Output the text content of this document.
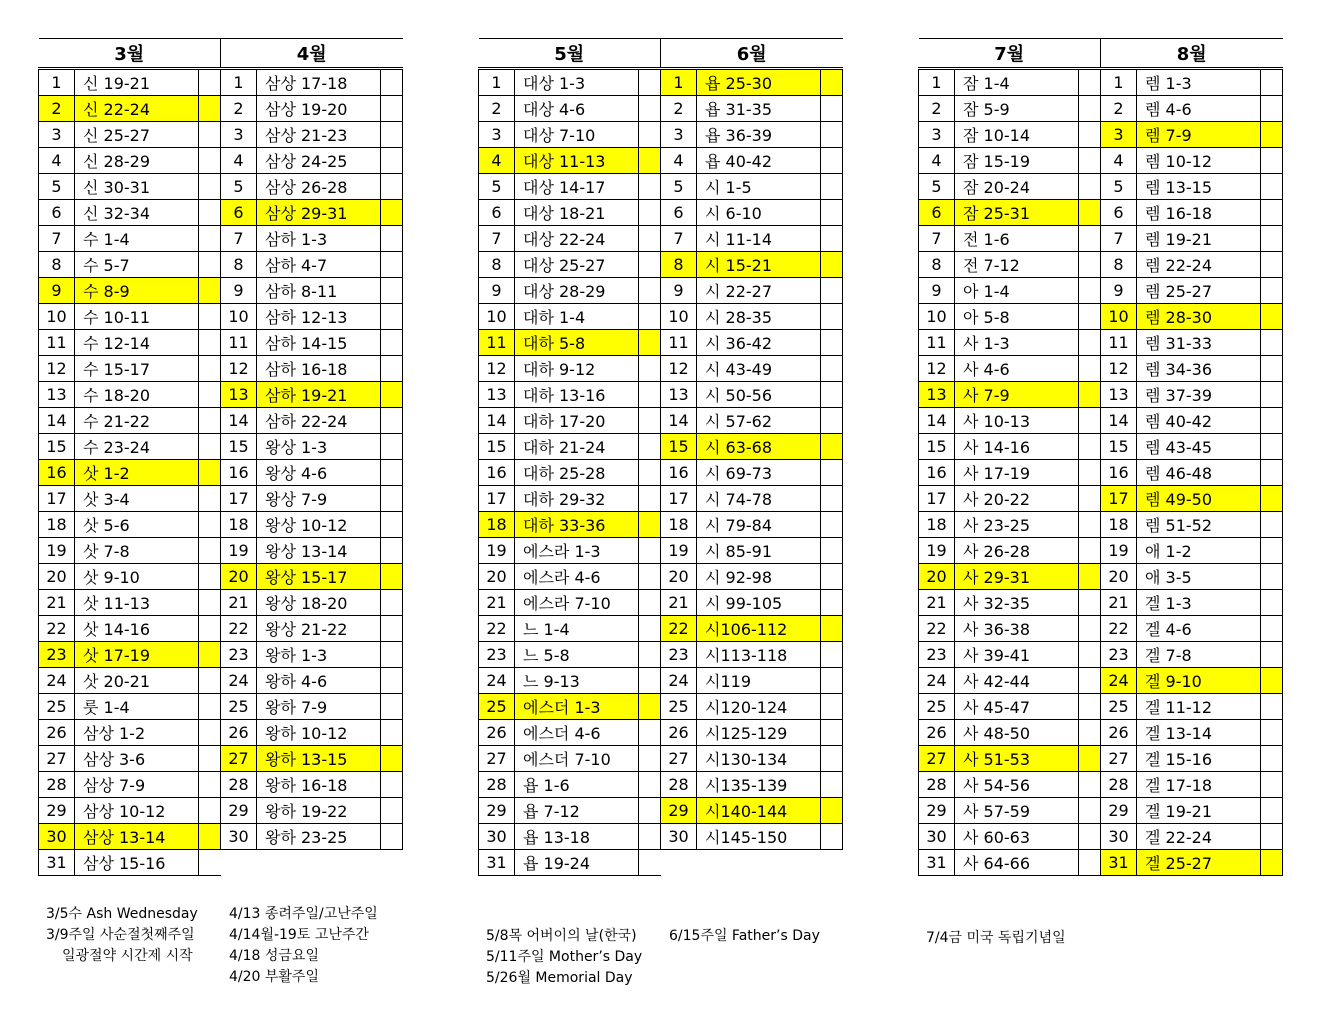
3월			4월		
1	신 19-21		1	삼상 17-18	
2	신 22-24		2	삼상 19-20	
3	신 25-27		3	삼상 21-23	
4	신 28-29		4	삼상 24-25	
5	신 30-31		5	삼상 26-28	
6	신 32-34		6	삼상 29-31	
7	수 1-4		7	삼하 1-3	
8	수 5-7		8	삼하 4-7	
9	수 8-9		9	삼하 8-11	
10	수 10-11		10	삼하 12-13	
11	수 12-14		11	삼하 14-15	
12	수 15-17		12	삼하 16-18	
13	수 18-20		13	삼하 19-21	
14	수 21-22		14	삼하 22-24	
15	수 23-24		15	왕상 1-3	
16	삿 1-2		16	왕상 4-6	
17	삿 3-4		17	왕상 7-9	
18	삿 5-6		18	왕상 10-12	
19	삿 7-8		19	왕상 13-14	
20	삿 9-10		20	왕상 15-17	
21	삿 11-13		21	왕상 18-20	
22	삿 14-16		22	왕상 21-22	
23	삿 17-19		23	왕하 1-3	
24	삿 20-21		24	왕하 4-6	
25	룻 1-4		25	왕하 7-9	
26	삼상 1-2		26	왕하 10-12	
27	삼상 3-6		27	왕하 13-15	
28	삼상 7-9		28	왕하 16-18	
29	삼상 10-12		29	왕하 19-22	
30	삼상 13-14		30	왕하 23-25	
31	삼상 15-16				
5월			6월		
1	대상 1-3		1	욥 25-30	
2	대상 4-6		2	욥 31-35	
3	대상 7-10		3	욥 36-39	
4	대상 11-13		4	욥 40-42	
5	대상 14-17		5	시 1-5	
6	대상 18-21		6	시 6-10	
7	대상 22-24		7	시 11-14	
8	대상 25-27		8	시 15-21	
9	대상 28-29		9	시 22-27	
10	대하 1-4		10	시 28-35	
11	대하 5-8		11	시 36-42	
12	대하 9-12		12	시 43-49	
13	대하 13-16		13	시 50-56	
14	대하 17-20		14	시 57-62	
15	대하 21-24		15	시 63-68	
16	대하 25-28		16	시 69-73	
17	대하 29-32		17	시 74-78	
18	대하 33-36		18	시 79-84	
19	에스라 1-3		19	시 85-91	
20	에스라 4-6		20	시 92-98	
21	에스라 7-10		21	시 99-105	
22	느 1-4		22	시106-112	
23	느 5-8		23	시113-118	
24	느 9-13		24	시119	
25	에스더 1-3		25	시120-124	
26	에스더 4-6		26	시125-129	
27	에스더 7-10		27	시130-134	
28	욥 1-6		28	시135-139	
29	욥 7-12		29	시140-144	
30	욥 13-18		30	시145-150	
31	욥 19-24				
7월			8월		
1	잠 1-4		1	렘 1-3	
2	잠 5-9		2	렘 4-6	
3	잠 10-14		3	렘 7-9	
4	잠 15-19		4	렘 10-12	
5	잠 20-24		5	렘 13-15	
6	잠 25-31		6	렘 16-18	
7	전 1-6		7	렘 19-21	
8	전 7-12		8	렘 22-24	
9	아 1-4		9	렘 25-27	
10	아 5-8		10	렘 28-30	
11	사 1-3		11	렘 31-33	
12	사 4-6		12	렘 34-36	
13	사 7-9		13	렘 37-39	
14	사 10-13		14	렘 40-42	
15	사 14-16		15	렘 43-45	
16	사 17-19		16	렘 46-48	
17	사 20-22		17	렘 49-50	
18	사 23-25		18	렘 51-52	
19	사 26-28		19	애 1-2	
20	사 29-31		20	애 3-5	
21	사 32-35		21	겔 1-3	
22	사 36-38		22	겔 4-6	
23	사 39-41		23	겔 7-8	
24	사 42-44		24	겔 9-10	
25	사 45-47		25	겔 11-12	
26	사 48-50		26	겔 13-14	
27	사 51-53		27	겔 15-16	
28	사 54-56		28	겔 17-18	
29	사 57-59		29	겔 19-21	
30	사 60-63		30	겔 22-24	
31	사 64-66		31	겔 25-27	
3/5수 Ash Wednesday
3/9주일 사순절첫째주일
일광절약 시간제 시작
4/13 종려주일/고난주일
4/14월-19토 고난주간
4/18 성금요일
4/20 부활주일
5/8목 어버이의 날(한국)
5/11주일 Mother’s Day
5/26월 Memorial Day
6/15주일 Father’s Day	7/4금 미국 독립기념일
